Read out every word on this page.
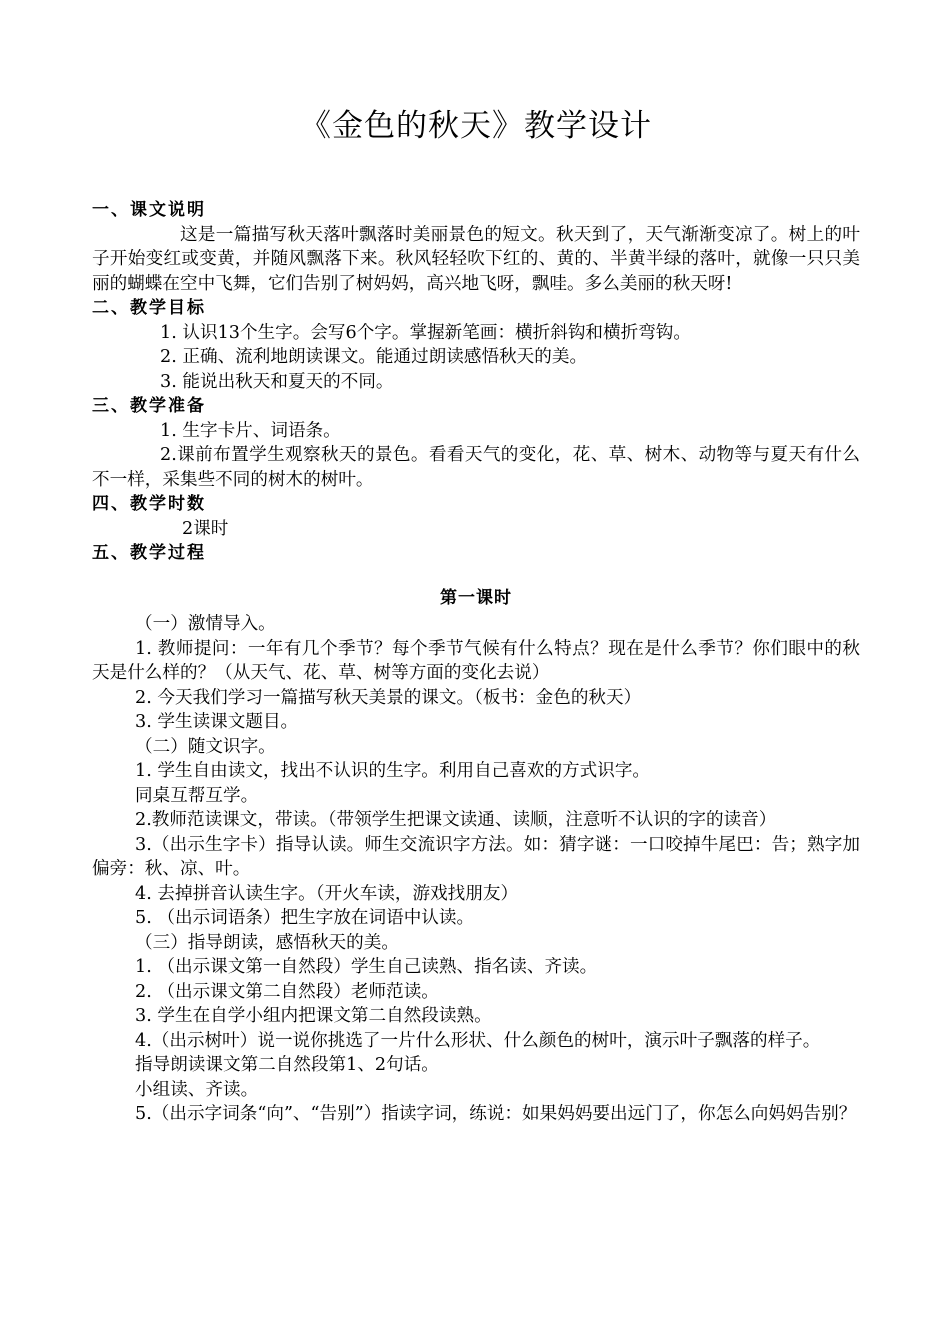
《金色的秋天》教学设计

一、课文说明

这是一篇描写秋天落叶飘落时美丽景色的短文。秋天到了，天气渐渐变凉了。树上的叶子开始变红或变黄，并随风飘落下来。秋风轻轻吹下红的、黄的、半黄半绿的落叶，就像一只只美丽的蝴蝶在空中飞舞，它们告别了树妈妈，高兴地飞呀，飘哇。多么美丽的秋天呀!

二、教学目标

1. 认识13个生字。会写6个字。掌握新笔画：横折斜钩和横折弯钩。

2. 正确、流利地朗读课文。能通过朗读感悟秋天的美。

3. 能说出秋天和夏天的不同。

三、教学准备

1. 生字卡片、词语条。

2.课前布置学生观察秋天的景色。看看天气的变化，花、草、树木、动物等与夏天有什么不一样，采集些不同的树木的树叶。

四、教学时数

2课时

五、教学过程

第一课时

（一）激情导入。

1. 教师提问：一年有几个季节？每个季节气候有什么特点？现在是什么季节？你们眼中的秋天是什么样的？（从天气、花、草、树等方面的变化去说）

2. 今天我们学习一篇描写秋天美景的课文。（板书：金色的秋天）

3. 学生读课文题目。

（二）随文识字。

1. 学生自由读文，找出不认识的生字。利用自己喜欢的方式识字。

同桌互帮互学。

2.教师范读课文，带读。（带领学生把课文读通、读顺，注意听不认识的字的读音）

3.（出示生字卡）指导认读。师生交流识字方法。如：猜字谜：一口咬掉牛尾巴：告；熟字加偏旁：秋、凉、叶。

4. 去掉拼音认读生字。（开火车读，游戏找朋友）

5. （出示词语条）把生字放在词语中认读。

（三）指导朗读，感悟秋天的美。

1. （出示课文第一自然段）学生自己读熟、指名读、齐读。

2. （出示课文第二自然段）老师范读。

3. 学生在自学小组内把课文第二自然段读熟。

4.（出示树叶）说一说你挑选了一片什么形状、什么颜色的树叶，演示叶子飘落的样子。

指导朗读课文第二自然段第1、2句话。

小组读、齐读。

5.（出示字词条“向”、“告别”）指读字词，练说：如果妈妈要出远门了，你怎么向妈妈告别？
